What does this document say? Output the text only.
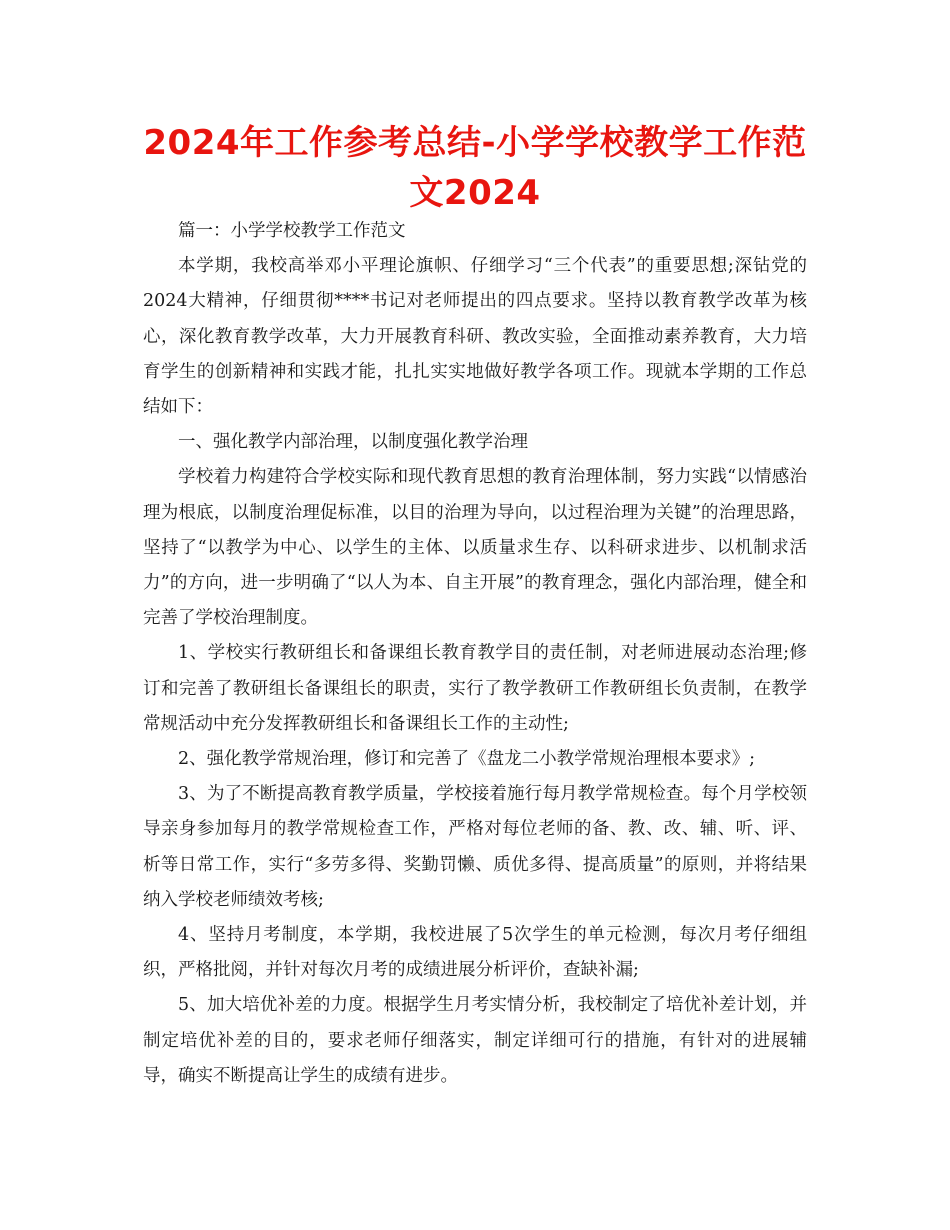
2024年工作参考总结-小学学校教学工作范文2024

篇一：小学学校教学工作范文

本学期，我校高举邓小平理论旗帜、仔细学习“三个代表”的重要思想;深钻党的2024大精神，仔细贯彻****书记对老师提出的四点要求。坚持以教育教学改革为核心，深化教育教学改革，大力开展教育科研、教改实验，全面推动素养教育，大力培育学生的创新精神和实践才能，扎扎实实地做好教学各项工作。现就本学期的工作总结如下：

一、强化教学内部治理，以制度强化教学治理

学校着力构建符合学校实际和现代教育思想的教育治理体制，努力实践“以情感治理为根底，以制度治理促标准，以目的治理为导向，以过程治理为关键”的治理思路，坚持了“以教学为中心、以学生的主体、以质量求生存、以科研求进步、以机制求活力”的方向，进一步明确了“以人为本、自主开展”的教育理念，强化内部治理，健全和完善了学校治理制度。

1、学校实行教研组长和备课组长教育教学目的责任制，对老师进展动态治理;修订和完善了教研组长备课组长的职责，实行了教学教研工作教研组长负责制，在教学常规活动中充分发挥教研组长和备课组长工作的主动性;

2、强化教学常规治理，修订和完善了《盘龙二小教学常规治理根本要求》;

3、为了不断提高教育教学质量，学校接着施行每月教学常规检查。每个月学校领导亲身参加每月的教学常规检查工作，严格对每位老师的备、教、改、辅、听、评、析等日常工作，实行“多劳多得、奖勤罚懒、质优多得、提高质量”的原则，并将结果纳入学校老师绩效考核;

4、坚持月考制度，本学期，我校进展了5次学生的单元检测，每次月考仔细组织，严格批阅，并针对每次月考的成绩进展分析评价，查缺补漏;

5、加大培优补差的力度。根据学生月考实情分析，我校制定了培优补差计划，并制定培优补差的目的，要求老师仔细落实，制定详细可行的措施，有针对的进展辅导，确实不断提高让学生的成绩有进步。
